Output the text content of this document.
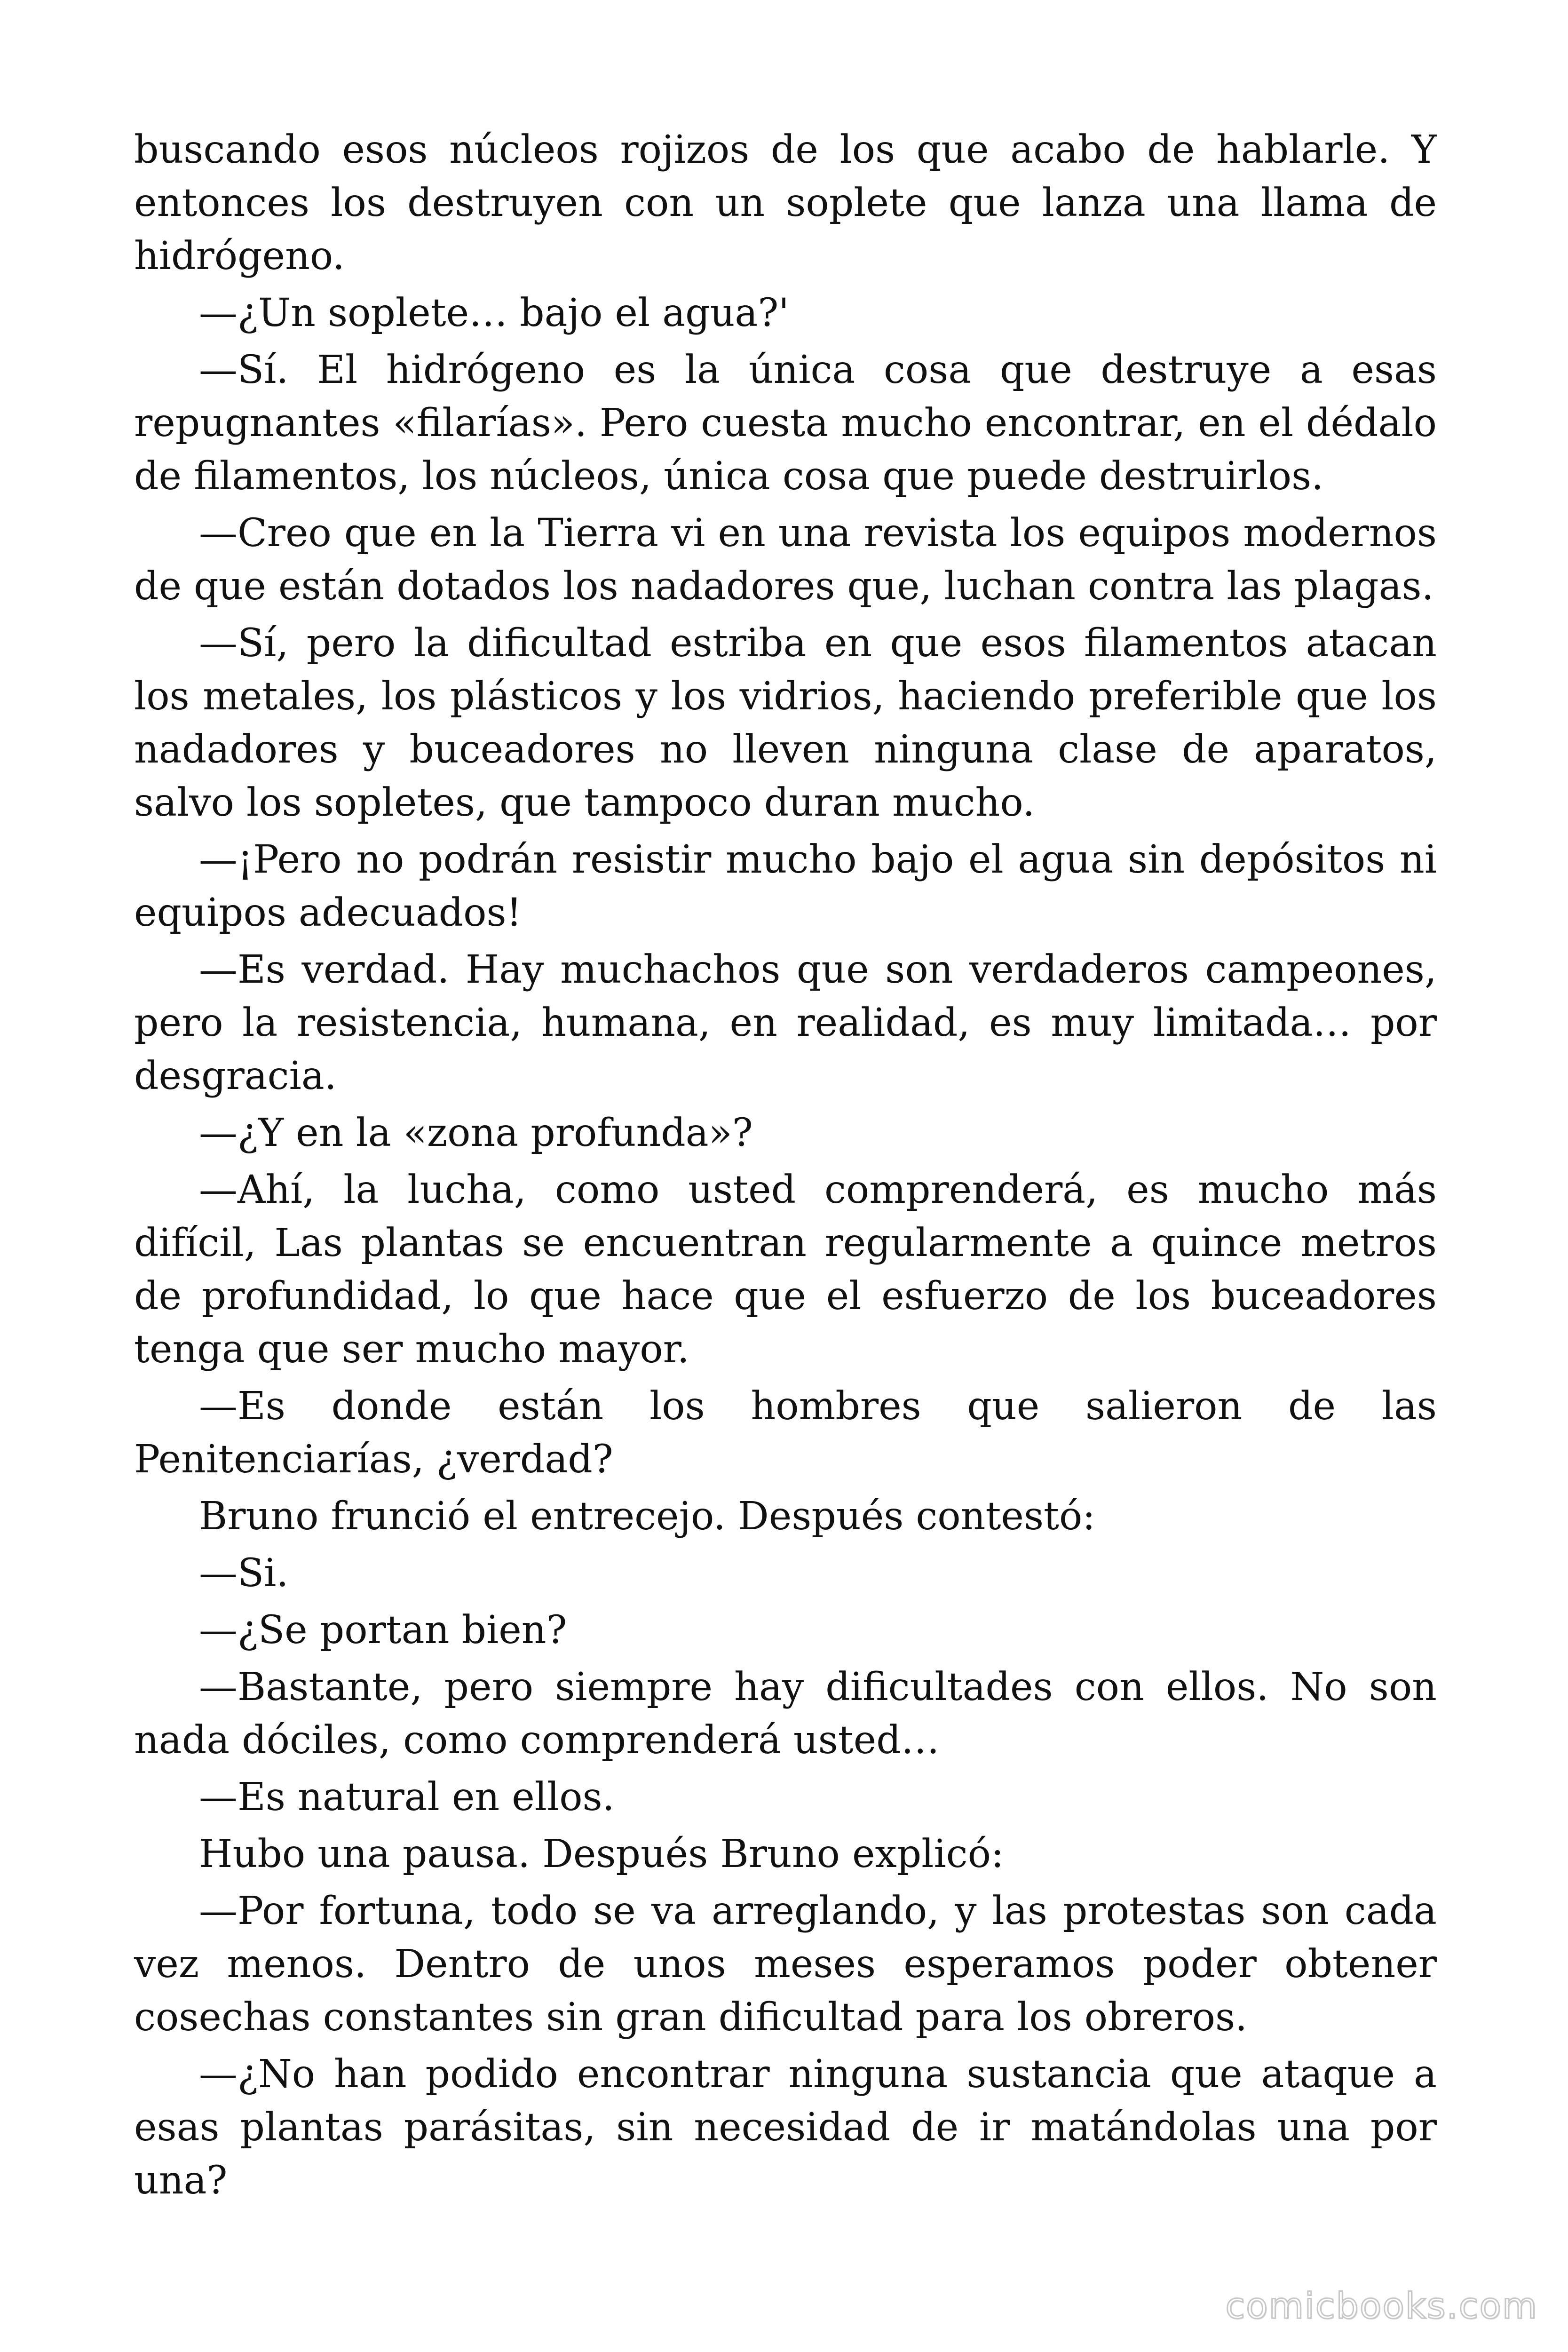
buscando esos núcleos rojizos de los que acabo de hablarle. Y entonces los destruyen con un soplete que lanza una llama de hidrógeno.

—¿Un soplete… bajo el agua?'

—Sí. El hidrógeno es la única cosa que destruye a esas repugnantes «filarías». Pero cuesta mucho encontrar, en el dédalo de filamentos, los núcleos, única cosa que puede destruirlos.

—Creo que en la Tierra vi en una revista los equipos modernos de que están dotados los nadadores que, luchan contra las plagas.

—Sí, pero la dificultad estriba en que esos filamentos atacan los metales, los plásticos y los vidrios, haciendo preferible que los nadadores y buceadores no lleven ninguna clase de aparatos, salvo los sopletes, que tampoco duran mucho.

—¡Pero no podrán resistir mucho bajo el agua sin depósitos ni equipos adecuados!

—Es verdad. Hay muchachos que son verdaderos campeones, pero la resistencia, humana, en realidad, es muy limitada… por desgracia.

—¿Y en la «zona profunda»?

—Ahí, la lucha, como usted comprenderá, es mucho más difícil, Las plantas se encuentran regularmente a quince metros de profundidad, lo que hace que el esfuerzo de los buceadores tenga que ser mucho mayor.

—Es donde están los hombres que salieron de las Penitenciarías, ¿verdad?

Bruno frunció el entrecejo. Después contestó:

—Si.

—¿Se portan bien?

—Bastante, pero siempre hay dificultades con ellos. No son nada dóciles, como comprenderá usted…

—Es natural en ellos.

Hubo una pausa. Después Bruno explicó:

—Por fortuna, todo se va arreglando, y las protestas son cada vez menos. Dentro de unos meses esperamos poder obtener cosechas constantes sin gran dificultad para los obreros.

—¿No han podido encontrar ninguna sustancia que ataque a esas plantas parásitas, sin necesidad de ir matándolas una por una?

comicbooks.com
